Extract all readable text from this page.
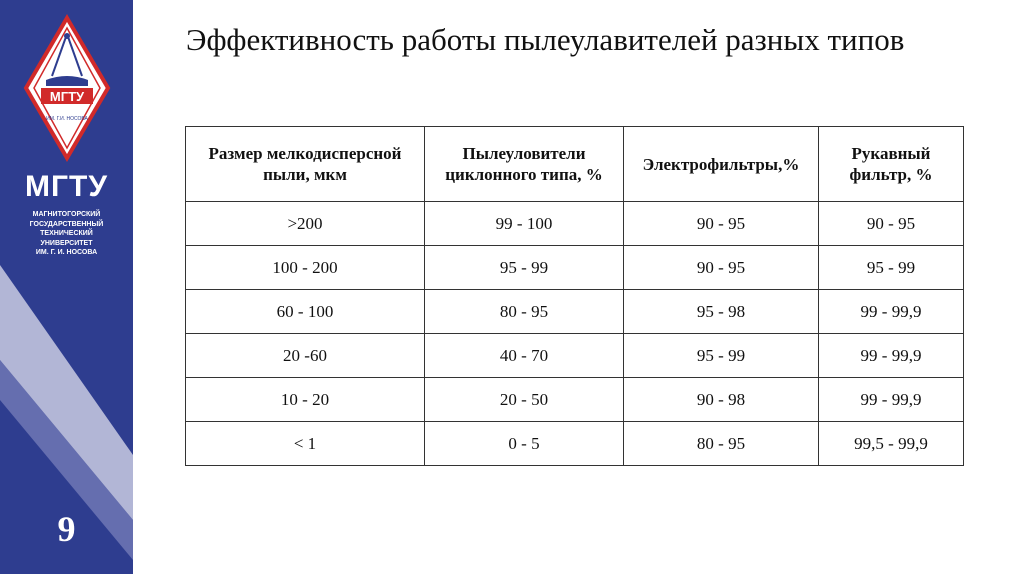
МГТУ
ИМ. Г.И. НОСОВА
МГТУ
МАГНИТОГОРСКИЙ
ГОСУДАРСТВЕННЫЙ
ТЕХНИЧЕСКИЙ
УНИВЕРСИТЕТ
ИМ. Г. И. НОСОВА
9
Эффективность работы пылеулавителей разных типов
Размер мелкодисперсной пыли, мкм	Пылеуловители циклонного типа, %	Электрофильтры,%	Рукавный фильтр, %
>200	99 - 100	90 - 95	90 - 95
100 - 200	95 - 99	90 - 95	95 - 99
60 - 100	80 - 95	95 - 98	99 - 99,9
20 -60	40 - 70	95 - 99	99 - 99,9
10 - 20	20 - 50	90 - 98	99 - 99,9
< 1	0 - 5	80 - 95	99,5 - 99,9
